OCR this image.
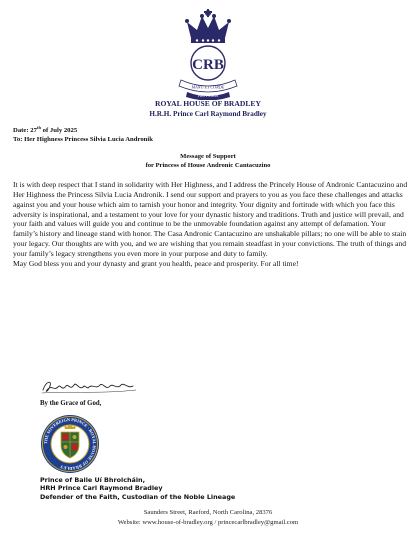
CRB
MANU ET CORDE
PRO PATRIA
ROYAL HOUSE OF BRADLEY
H.R.H. Prince Carl Raymond Bradley
Date: 27th of July 2025
To: Her Highness Princess Silvia Lucia Andronik
Message of Support
for Princess of House Andronic Cantacuzino

It is with deep respect that I stand in solidarity with Her Highness, and I address the Princely House of Andronic Cantacuzino and Her Highness the Princess Silvia Lucia Andronik. I send our support and prayers to you as you face these challenges and attacks against you and your house which aim to tarnish your honor and integrity. Your dignity and fortitude with which you face this adversity is inspirational, and a testament to your love for your dynastic history and traditions. Truth and justice will prevail, and your faith and values will guide you and continue to be the unmovable foundation against any attempt of defamation. Your family’s history and lineage stand with honor. The Casa Andronic Cantacuzino are unshakable pillars; no one will be able to stain your legacy. Our thoughts are with you, and we are wishing that you remain steadfast in your convictions. The truth of things and your family’s legacy strengthens you even more in your purpose and duty to family.

May God bless you and your dynasty and grant you health, peace and prosperity. For all time!

By the Grace of God,
THE SOVEREIGN PRINCE · ROYAL HOUSE OF BRADLEY
Prince of Baile Uí Bhrolcháin,
HRH Prince Carl Raymond Bradley
Defender of the Faith, Custodian of the Noble Lineage
Saunders Street, Raeford, North Carolina, 28376
Website: www.house-of-bradley.org / princecarlbradley@gmail.com
